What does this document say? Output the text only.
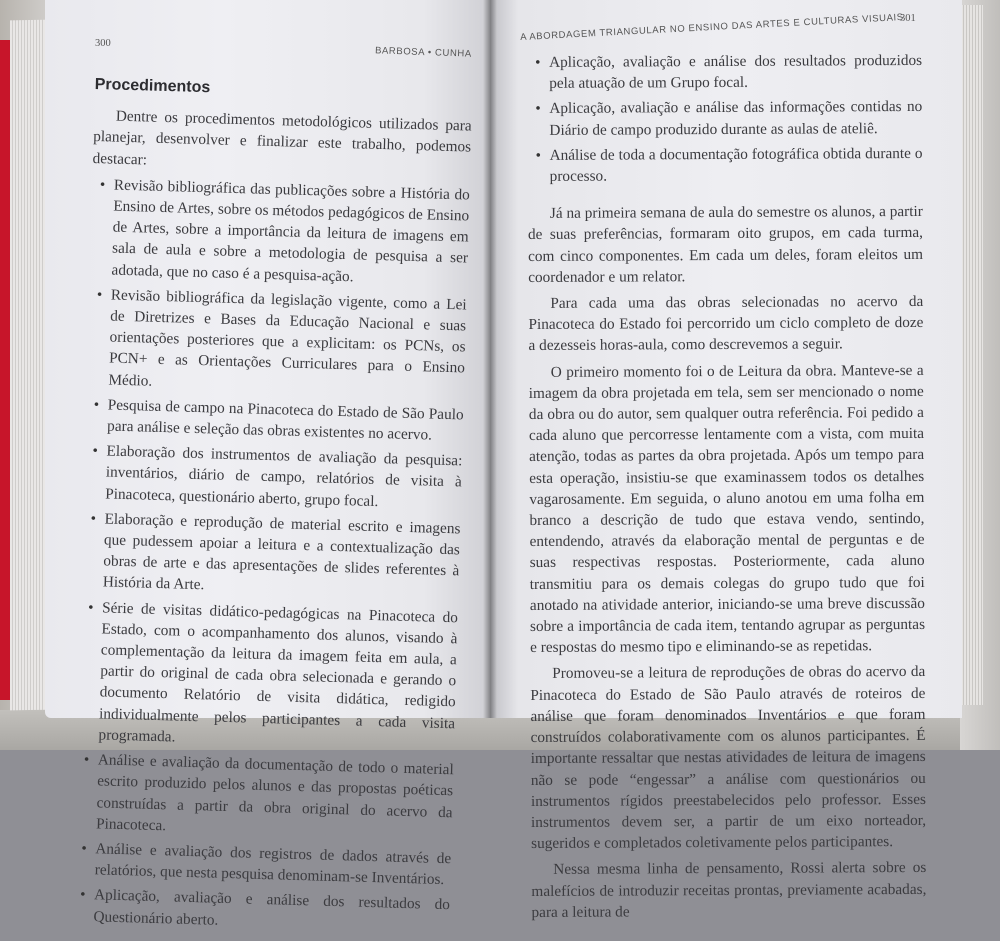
300
BARBOSA • CUNHA
Procedimentos

Dentre os procedimentos metodológicos utilizados para planejar, desenvolver e finalizar este trabalho, podemos destacar:

• Revisão bibliográfica das publicações sobre a História do Ensino de Artes, sobre os métodos pedagógicos de Ensino de Artes, sobre a importância da leitura de imagens em sala de aula e sobre a metodologia de pesquisa a ser adotada, que no caso é a pesquisa-ação.
• Revisão bibliográfica da legislação vigente, como a Lei de Diretrizes e Bases da Educação Nacional e suas orientações posteriores que a explicitam: os PCNs, os PCN+ e as Orientações Curriculares para o Ensino Médio.
• Pesquisa de campo na Pinacoteca do Estado de São Paulo para análise e seleção das obras existentes no acervo.
• Elaboração dos instrumentos de avaliação da pesquisa: inventários, diário de campo, relatórios de visita à Pinacoteca, questionário aberto, grupo focal.
• Elaboração e reprodução de material escrito e imagens que pudessem apoiar a leitura e a contextualização das obras de arte e das apresentações de slides referentes à História da Arte.
• Série de visitas didático-pedagógicas na Pinacoteca do Estado, com o acompanhamento dos alunos, visando à complementação da leitura da imagem feita em aula, a partir do original de cada obra selecionada e gerando o documento Relatório de visita didática, redigido individualmente pelos participantes a cada visita programada.
• Análise e avaliação da documentação de todo o material escrito produzido pelos alunos e das propostas poéticas construídas a partir da obra original do acervo da Pinacoteca.
• Análise e avaliação dos registros de dados através de relatórios, que nesta pesquisa denominam-se Inventários.
• Aplicação, avaliação e análise dos resultados do Questionário aberto.
A ABORDAGEM TRIANGULAR NO ENSINO DAS ARTES E CULTURAS VISUAIS
301
• Aplicação, avaliação e análise dos resultados produzidos pela atuação de um Grupo focal.
• Aplicação, avaliação e análise das informações contidas no Diário de campo produzido durante as aulas de ateliê.
• Análise de toda a documentação fotográfica obtida durante o processo.

Já na primeira semana de aula do semestre os alunos, a partir de suas preferências, formaram oito grupos, em cada turma, com cinco componentes. Em cada um deles, foram eleitos um coordenador e um relator.

Para cada uma das obras selecionadas no acervo da Pinacoteca do Estado foi percorrido um ciclo completo de doze a dezesseis horas-aula, como descrevemos a seguir.

O primeiro momento foi o de Leitura da obra. Manteve-se a imagem da obra projetada em tela, sem ser mencionado o nome da obra ou do autor, sem qualquer outra referência. Foi pedido a cada aluno que percorresse lentamente com a vista, com muita atenção, todas as partes da obra projetada. Após um tempo para esta operação, insistiu-se que examinassem todos os detalhes vagarosamente. Em seguida, o aluno anotou em uma folha em branco a descrição de tudo que estava vendo, sentindo, entendendo, através da elaboração mental de perguntas e de suas respectivas respostas. Posteriormente, cada aluno transmitiu para os demais colegas do grupo tudo que foi anotado na atividade anterior, iniciando-se uma breve discussão sobre a importância de cada item, tentando agrupar as perguntas e respostas do mesmo tipo e eliminando-se as repetidas.

Promoveu-se a leitura de reproduções de obras do acervo da Pinacoteca do Estado de São Paulo através de roteiros de análise que foram denominados Inventários e que foram construídos colaborativamente com os alunos participantes. É importante ressaltar que nestas atividades de leitura de imagens não se pode “engessar” a análise com questionários ou instrumentos rígidos preestabelecidos pelo professor. Esses instrumentos devem ser, a partir de um eixo norteador, sugeridos e completados coletivamente pelos participantes.

Nessa mesma linha de pensamento, Rossi alerta sobre os malefícios de introduzir receitas prontas, previamente acabadas, para a leitura de
